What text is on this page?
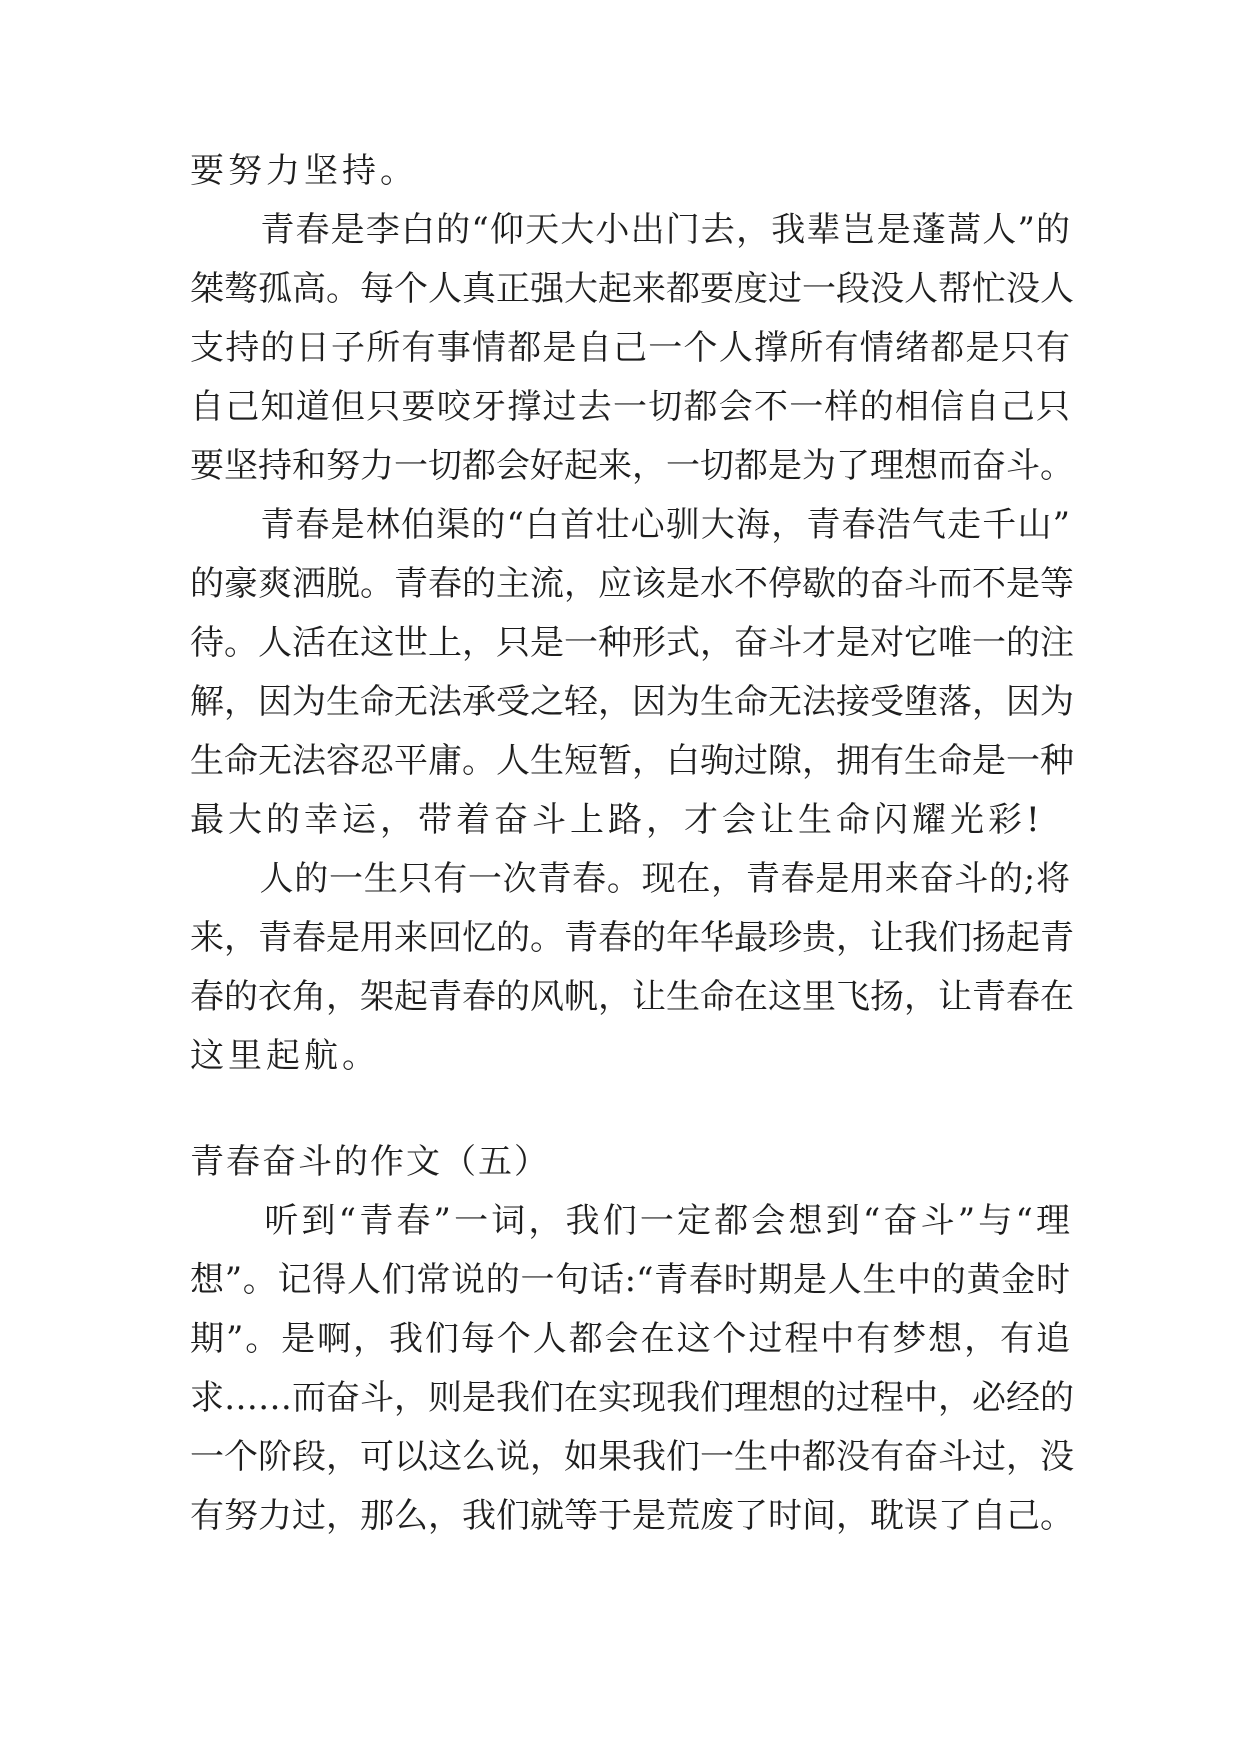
要努力坚持。
　　青春是李白的“仰天大小出门去，我辈岂是蓬蒿人”的
桀骜孤高。每个人真正强大起来都要度过一段没人帮忙没人
支持的日子所有事情都是自己一个人撑所有情绪都是只有
自己知道但只要咬牙撑过去一切都会不一样的相信自己只
要坚持和努力一切都会好起来，一切都是为了理想而奋斗。
　　青春是林伯渠的“白首壮心驯大海，青春浩气走千山”
的豪爽洒脱。青春的主流，应该是水不停歇的奋斗而不是等
待。人活在这世上，只是一种形式，奋斗才是对它唯一的注
解，因为生命无法承受之轻，因为生命无法接受堕落，因为
生命无法容忍平庸。人生短暂，白驹过隙，拥有生命是一种
最大的幸运，带着奋斗上路，才会让生命闪耀光彩!
　　人的一生只有一次青春。现在，青春是用来奋斗的;将
来，青春是用来回忆的。青春的年华最珍贵，让我们扬起青
春的衣角，架起青春的风帆，让生命在这里飞扬，让青春在
这里起航。
青春奋斗的作文（五）
　　听到“青春”一词，我们一定都会想到“奋斗”与“理
想”。记得人们常说的一句话:“青春时期是人生中的黄金时
期”。是啊，我们每个人都会在这个过程中有梦想，有追
求……而奋斗，则是我们在实现我们理想的过程中，必经的
一个阶段，可以这么说，如果我们一生中都没有奋斗过，没
有努力过，那么，我们就等于是荒废了时间，耽误了自己。
